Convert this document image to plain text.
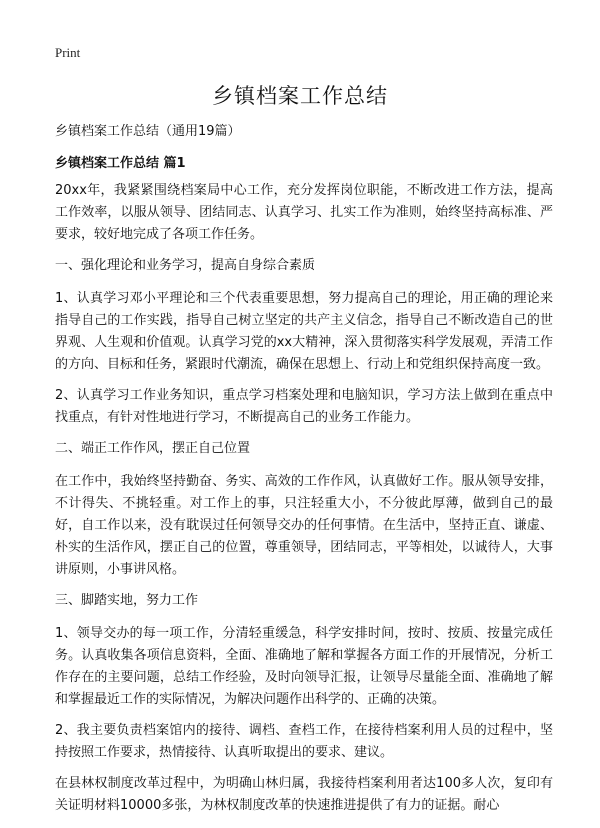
Print
乡镇档案工作总结
乡镇档案工作总结（通用19篇）
乡镇档案工作总结 篇1

20xx年，我紧紧围绕档案局中心工作，充分发挥岗位职能，不断改进工作方法，提高工作效率，以服从领导、团结同志、认真学习、扎实工作为准则，始终坚持高标准、严要求，较好地完成了各项工作任务。

一、强化理论和业务学习，提高自身综合素质

1、认真学习邓小平理论和三个代表重要思想，努力提高自己的理论，用正确的理论来指导自己的工作实践，指导自己树立坚定的共产主义信念，指导自己不断改造自己的世界观、人生观和价值观。认真学习党的xx大精神，深入贯彻落实科学发展观，弄清工作的方向、目标和任务，紧跟时代潮流，确保在思想上、行动上和党组织保持高度一致。

2、认真学习工作业务知识，重点学习档案处理和电脑知识，学习方法上做到在重点中找重点，有针对性地进行学习，不断提高自己的业务工作能力。

二、端正工作作风，摆正自己位置

在工作中，我始终坚持勤奋、务实、高效的工作作风，认真做好工作。服从领导安排，不计得失、不挑轻重。对工作上的事，只注轻重大小，不分彼此厚薄，做到自己的最好，自工作以来，没有耽误过任何领导交办的任何事情。在生活中，坚持正直、谦虚、朴实的生活作风，摆正自己的位置，尊重领导，团结同志，平等相处，以诚待人，大事讲原则，小事讲风格。

三、脚踏实地，努力工作

1、领导交办的每一项工作，分清轻重缓急，科学安排时间，按时、按质、按量完成任务。认真收集各项信息资料，全面、准确地了解和掌握各方面工作的开展情况，分析工作存在的主要问题，总结工作经验，及时向领导汇报，让领导尽量能全面、准确地了解和掌握最近工作的实际情况，为解决问题作出科学的、正确的决策。

2、我主要负责档案馆内的接待、调档、查档工作，在接待档案利用人员的过程中，坚持按照工作要求，热情接待、认真听取提出的要求、建议。

在县林权制度改革过程中，为明确山林归属，我接待档案利用者达100多人次，复印有关证明材料10000多张，为林权制度改革的快速推进提供了有力的证据。耐心
